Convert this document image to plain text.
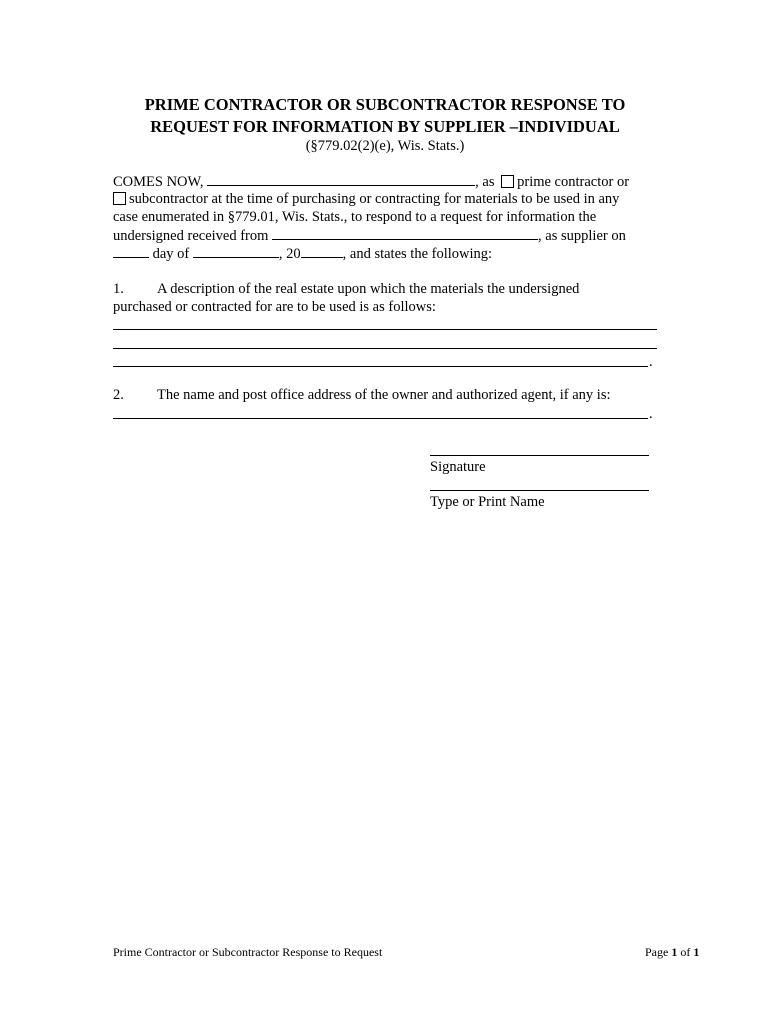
PRIME CONTRACTOR OR SUBCONTRACTOR RESPONSE TO
REQUEST FOR INFORMATION BY SUPPLIER –INDIVIDUAL
(§779.02(2)(e), Wis. Stats.)
COMES NOW,	, as prime contractor or
subcontractor at the time of purchasing or contracting for materials to be used in any
case enumerated in §779.01, Wis. Stats., to respond to a request for information the
undersigned received from	, as supplier on
day of	, 20	, and states the following:
1. A description of the real estate upon which the materials the undersigned
purchased or contracted for are to be used is as follows:
.
2. The name and post office address of the owner and authorized agent, if any is:
.
Signature
Type or Print Name
Prime Contractor or Subcontractor Response to Request	Page 1 of 1
